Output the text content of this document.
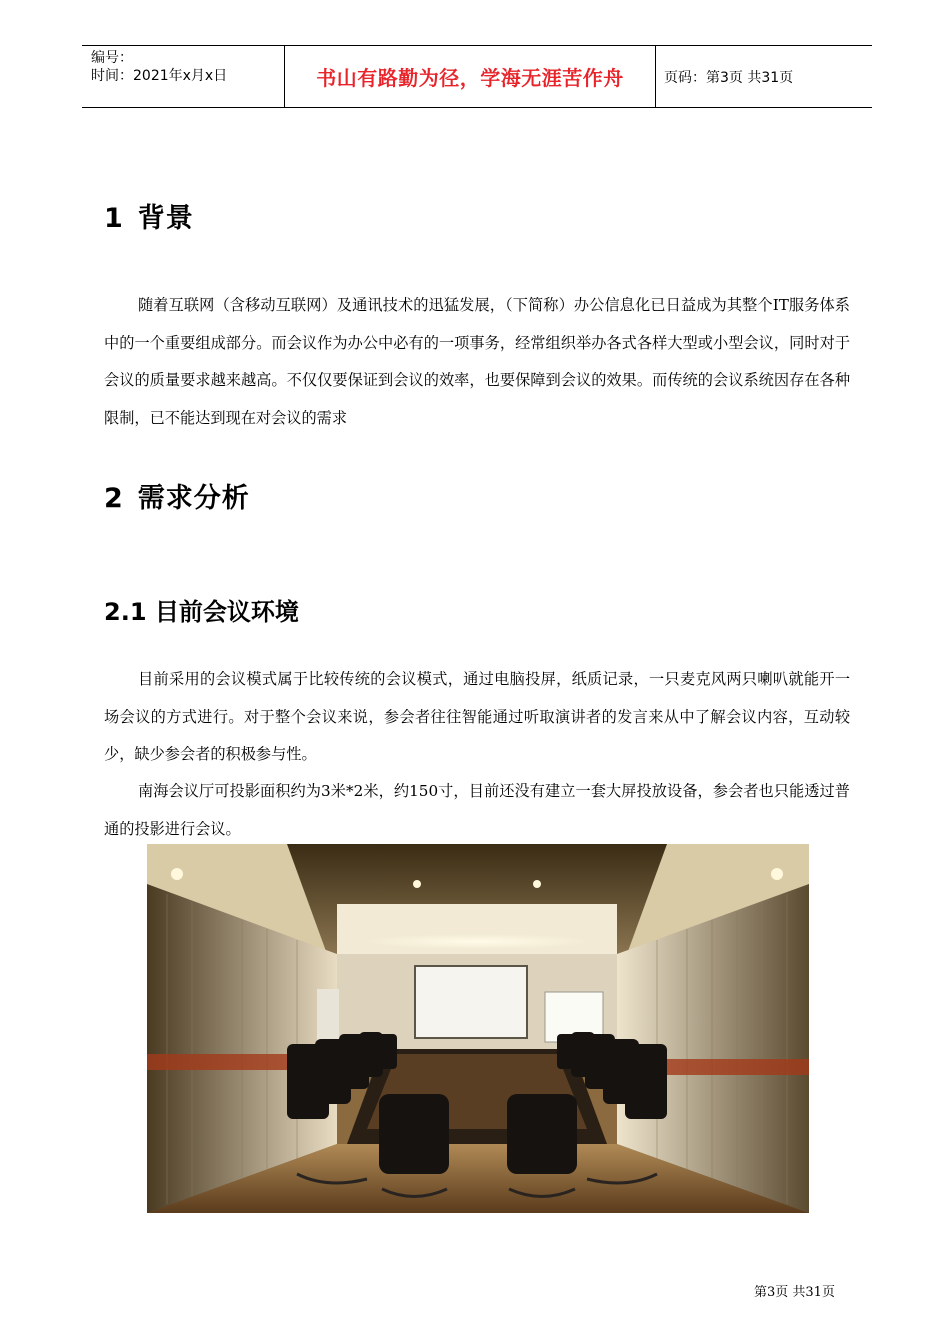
编号：
时间：2021年x月x日	书山有路勤为径，学海无涯苦作舟	页码：第3页 共31页
1 背景

随着互联网（含移动互联网）及通讯技术的迅猛发展，（下简称）办公信息化已日益成为其整个IT服务体系中的一个重要组成部分。而会议作为办公中必有的一项事务，经常组织举办各式各样大型或小型会议，同时对于会议的质量要求越来越高。不仅仅要保证到会议的效率，也要保障到会议的效果。而传统的会议系统因存在各种限制，已不能达到现在对会议的需求

2 需求分析
2.1 目前会议环境

目前采用的会议模式属于比较传统的会议模式，通过电脑投屏，纸质记录，一只麦克风两只喇叭就能开一场会议的方式进行。对于整个会议来说，参会者往往智能通过听取演讲者的发言来从中了解会议内容，互动较少，缺少参会者的积极参与性。

南海会议厅可投影面积约为3米*2米，约150寸，目前还没有建立一套大屏投放设备，参会者也只能透过普通的投影进行会议。

第3页 共31页
